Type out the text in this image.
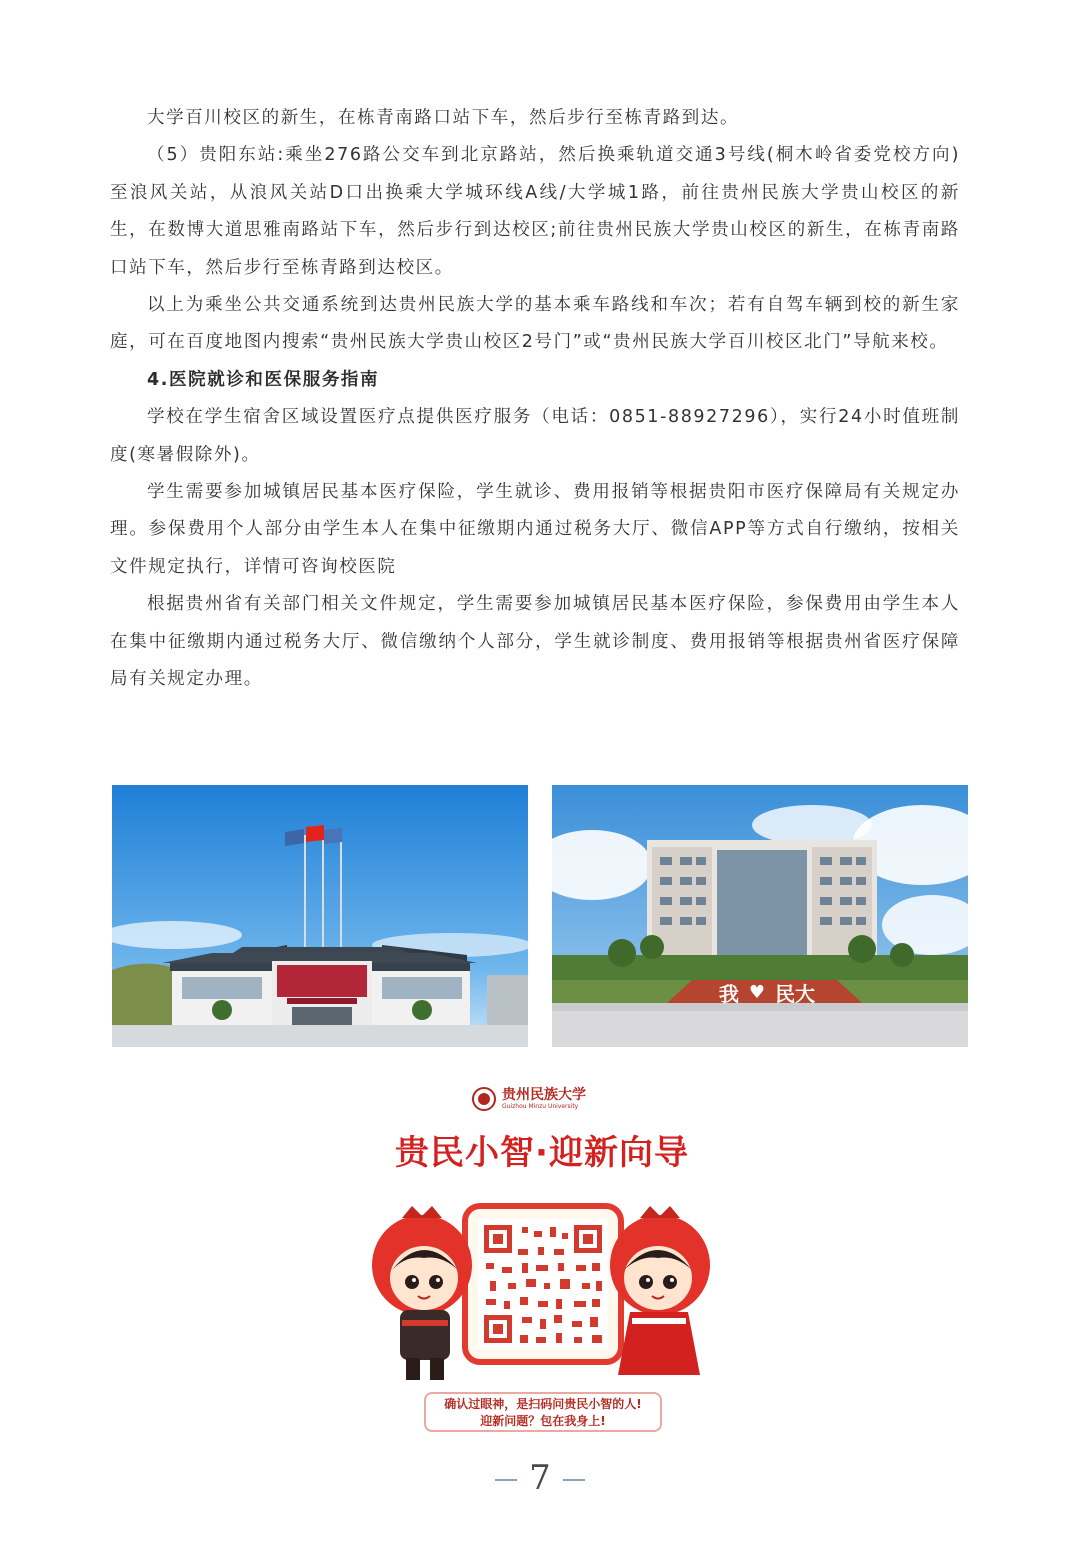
大学百川校区的新生，在栋青南路口站下车，然后步行至栋青路到达。

（5）贵阳东站:乘坐276路公交车到北京路站，然后换乘轨道交通3号线(桐木岭省委党校方向)至浪风关站，从浪风关站D口出换乘大学城环线A线/大学城1路，前往贵州民族大学贵山校区的新生，在数博大道思雅南路站下车，然后步行到达校区;前往贵州民族大学贵山校区的新生，在栋青南路口站下车，然后步行至栋青路到达校区。

以上为乘坐公共交通系统到达贵州民族大学的基本乘车路线和车次；若有自驾车辆到校的新生家庭，可在百度地图内搜索“贵州民族大学贵山校区2号门”或“贵州民族大学百川校区北门”导航来校。

4.医院就诊和医保服务指南

学校在学生宿舍区域设置医疗点提供医疗服务（电话：0851-88927296），实行24小时值班制度(寒暑假除外)。

学生需要参加城镇居民基本医疗保险，学生就诊、费用报销等根据贵阳市医疗保障局有关规定办理。参保费用个人部分由学生本人在集中征缴期内通过税务大厅、微信APP等方式自行缴纳，按相关文件规定执行，详情可咨询校医院

根据贵州省有关部门相关文件规定，学生需要参加城镇居民基本医疗保险，参保费用由学生本人在集中征缴期内通过税务大厅、微信缴纳个人部分，学生就诊制度、费用报销等根据贵州省医疗保障局有关规定办理。

我 ♥ 民大
贵州民族大学
Guizhou Minzu University
贵民小智·迎新向导
确认过眼神，是扫码问贵民小智的人!
迎新问题？包在我身上!
7
